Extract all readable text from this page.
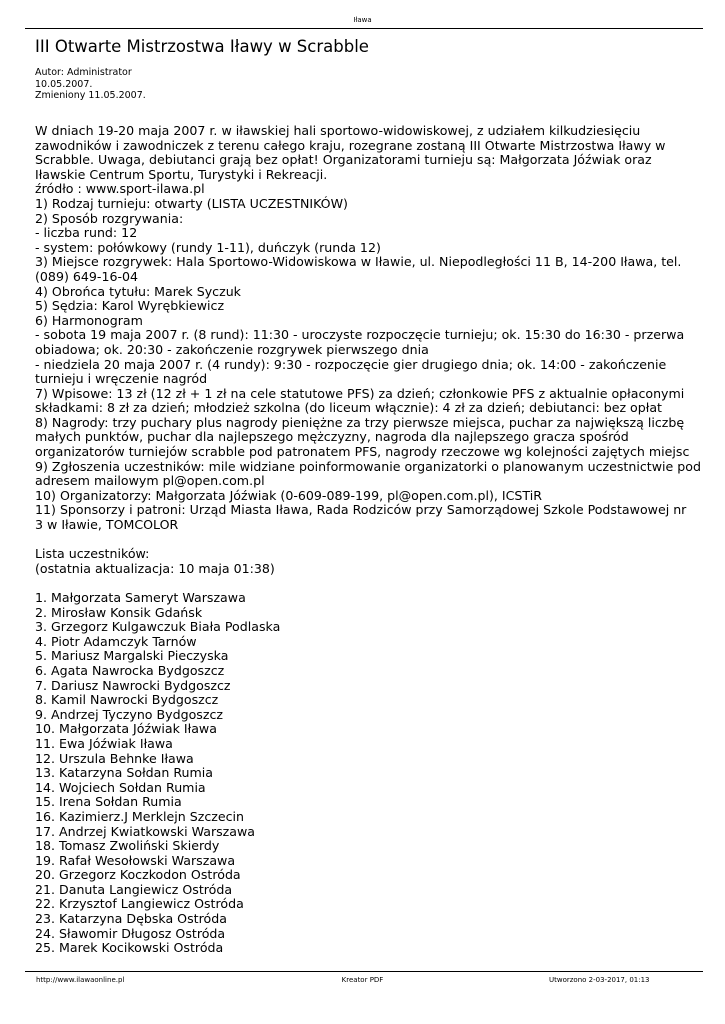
Iława
III Otwarte Mistrzostwa Iławy w Scrabble
Autor: Administrator
10.05.2007.
Zmieniony 11.05.2007.
W dniach 19-20 maja 2007 r. w iławskiej hali sportowo-widowiskowej, z udziałem kilkudziesięciu
zawodników i zawodniczek z terenu całego kraju, rozegrane zostaną III Otwarte Mistrzostwa Iławy w
Scrabble. Uwaga, debiutanci grają bez opłat! Organizatorami turnieju są: Małgorzata Jóźwiak oraz
Iławskie Centrum Sportu, Turystyki i Rekreacji.
źródło : www.sport-ilawa.pl
1) Rodzaj turnieju: otwarty (LISTA UCZESTNIKÓW)
2) Sposób rozgrywania:
- liczba rund: 12
- system: połówkowy (rundy 1-11), duńczyk (runda 12)
3) Miejsce rozgrywek: Hala Sportowo-Widowiskowa w Iławie, ul. Niepodległości 11 B, 14-200 Iława, tel.
(089) 649-16-04
4) Obrońca tytułu: Marek Syczuk
5) Sędzia: Karol Wyrębkiewicz
6) Harmonogram
- sobota 19 maja 2007 r. (8 rund): 11:30 - uroczyste rozpoczęcie turnieju; ok. 15:30 do 16:30 - przerwa
obiadowa; ok. 20:30 - zakończenie rozgrywek pierwszego dnia
- niedziela 20 maja 2007 r. (4 rundy): 9:30 - rozpoczęcie gier drugiego dnia; ok. 14:00 - zakończenie
turnieju i wręczenie nagród
7) Wpisowe: 13 zł (12 zł + 1 zł na cele statutowe PFS) za dzień; członkowie PFS z aktualnie opłaconymi
składkami: 8 zł za dzień; młodzież szkolna (do liceum włącznie): 4 zł za dzień; debiutanci: bez opłat
8) Nagrody: trzy puchary plus nagrody pieniężne za trzy pierwsze miejsca, puchar za największą liczbę
małych punktów, puchar dla najlepszego mężczyzny, nagroda dla najlepszego gracza spośród
organizatorów turniejów scrabble pod patronatem PFS, nagrody rzeczowe wg kolejności zajętych miejsc
9) Zgłoszenia uczestników: mile widziane poinformowanie organizatorki o planowanym uczestnictwie pod
adresem mailowym pl@open.com.pl
10) Organizatorzy: Małgorzata Jóźwiak (0-609-089-199, pl@open.com.pl), ICSTiR
11) Sponsorzy i patroni: Urząd Miasta Iława, Rada Rodziców przy Samorządowej Szkole Podstawowej nr
3 w Iławie, TOMCOLOR
Lista uczestników:
(ostatnia aktualizacja: 10 maja 01:38)
1. Małgorzata Sameryt Warszawa
2. Mirosław Konsik Gdańsk
3. Grzegorz Kulgawczuk Biała Podlaska
4. Piotr Adamczyk Tarnów
5. Mariusz Margalski Pieczyska
6. Agata Nawrocka Bydgoszcz
7. Dariusz Nawrocki Bydgoszcz
8. Kamil Nawrocki Bydgoszcz
9. Andrzej Tyczyno Bydgoszcz
10. Małgorzata Jóźwiak Iława
11. Ewa Jóźwiak Iława
12. Urszula Behnke Iława
13. Katarzyna Sołdan Rumia
14. Wojciech Sołdan Rumia
15. Irena Sołdan Rumia
16. Kazimierz.J Merklejn Szczecin
17. Andrzej Kwiatkowski Warszawa
18. Tomasz Zwoliński Skierdy
19. Rafał Wesołowski Warszawa
20. Grzegorz Koczkodon Ostróda
21. Danuta Langiewicz Ostróda
22. Krzysztof Langiewicz Ostróda
23. Katarzyna Dębska Ostróda
24. Sławomir Długosz Ostróda
25. Marek Kocikowski Ostróda
http://www.ilawaonline.pl	Kreator PDF	Utworzono 2-03-2017, 01:13
